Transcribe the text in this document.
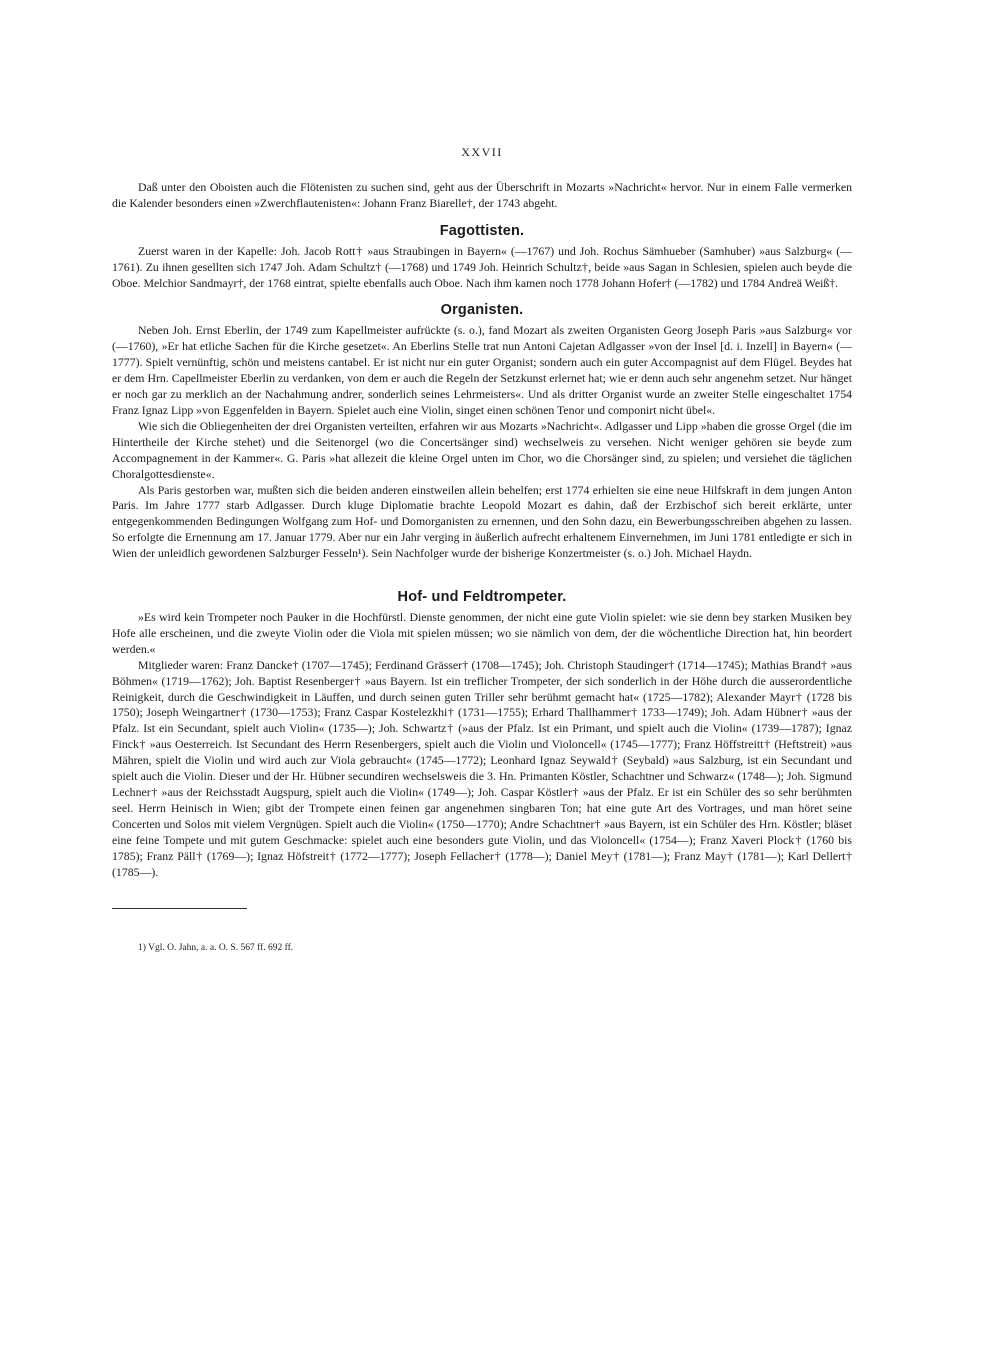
XXVII

Daß unter den Oboisten auch die Flötenisten zu suchen sind, geht aus der Überschrift in Mozarts »Nachricht« hervor. Nur in einem Falle vermerken die Kalender besonders einen »Zwerchflautenisten«: Johann Franz Biarelle†, der 1743 abgeht.

Fagottisten.

Zuerst waren in der Kapelle: Joh. Jacob Rott† »aus Straubingen in Bayern« (—1767) und Joh. Rochus Sämhueber (Samhuber) »aus Salzburg« (—1761). Zu ihnen gesellten sich 1747 Joh. Adam Schultz† (—1768) und 1749 Joh. Heinrich Schultz†, beide »aus Sagan in Schlesien, spielen auch beyde die Oboe. Melchior Sandmayr†, der 1768 eintrat, spielte ebenfalls auch Oboe. Nach ihm kamen noch 1778 Johann Hofer† (—1782) und 1784 Andreä Weiß†.

Organisten.

Neben Joh. Ernst Eberlin, der 1749 zum Kapellmeister aufrückte (s. o.), fand Mozart als zweiten Organisten Georg Joseph Paris »aus Salzburg« vor (—1760), »Er hat etliche Sachen für die Kirche gesetzet«. An Eberlins Stelle trat nun Antoni Cajetan Adlgasser »von der Insel [d. i. Inzell] in Bayern« (—1777). Spielt vernünftig, schön und meistens cantabel. Er ist nicht nur ein guter Organist; sondern auch ein guter Accompagnist auf dem Flügel. Beydes hat er dem Hrn. Capellmeister Eberlin zu verdanken, von dem er auch die Regeln der Setzkunst erlernet hat; wie er denn auch sehr angenehm setzet. Nur hänget er noch gar zu merklich an der Nachahmung andrer, sonderlich seines Lehrmeisters«. Und als dritter Organist wurde an zweiter Stelle eingeschaltet 1754 Franz Ignaz Lipp »von Eggenfelden in Bayern. Spielet auch eine Violin, singet einen schönen Tenor und componirt nicht übel«.

Wie sich die Obliegenheiten der drei Organisten verteilten, erfahren wir aus Mozarts »Nachricht«. Adlgasser und Lipp »haben die grosse Orgel (die im Hintertheile der Kirche stehet) und die Seitenorgel (wo die Concertsänger sind) wechselweis zu versehen. Nicht weniger gehören sie beyde zum Accompagnement in der Kammer«. G. Paris »hat allezeit die kleine Orgel unten im Chor, wo die Chorsänger sind, zu spielen; und versiehet die täglichen Choralgottesdienste«.

Als Paris gestorben war, mußten sich die beiden anderen einstweilen allein behelfen; erst 1774 erhielten sie eine neue Hilfskraft in dem jungen Anton Paris. Im Jahre 1777 starb Adlgasser. Durch kluge Diplomatie brachte Leopold Mozart es dahin, daß der Erzbischof sich bereit erklärte, unter entgegenkommenden Bedingungen Wolfgang zum Hof- und Domorganisten zu ernennen, und den Sohn dazu, ein Bewerbungsschreiben abgehen zu lassen. So erfolgte die Ernennung am 17. Januar 1779. Aber nur ein Jahr verging in äußerlich aufrecht erhaltenem Einvernehmen, im Juni 1781 entledigte er sich in Wien der unleidlich gewordenen Salzburger Fesseln¹). Sein Nachfolger wurde der bisherige Konzertmeister (s. o.) Joh. Michael Haydn.

Hof- und Feldtrompeter.

»Es wird kein Trompeter noch Pauker in die Hochfürstl. Dienste genommen, der nicht eine gute Violin spielet: wie sie denn bey starken Musiken bey Hofe alle erscheinen, und die zweyte Violin oder die Viola mit spielen müssen; wo sie nämlich von dem, der die wöchentliche Direction hat, hin beordert werden.«

Mitglieder waren: Franz Dancke† (1707—1745); Ferdinand Grässer† (1708—1745); Joh. Christoph Staudinger† (1714—1745); Mathias Brand† »aus Böhmen« (1719—1762); Joh. Baptist Resenberger† »aus Bayern. Ist ein treflicher Trompeter, der sich sonderlich in der Höhe durch die ausserordentliche Reinigkeit, durch die Geschwindigkeit in Läuffen, und durch seinen guten Triller sehr berühmt gemacht hat« (1725—1782); Alexander Mayr† (1728 bis 1750); Joseph Weingartner† (1730—1753); Franz Caspar Kostelezkhi† (1731—1755); Erhard Thallhammer† 1733—1749); Joh. Adam Hübner† »aus der Pfalz. Ist ein Secundant, spielt auch Violin« (1735—); Joh. Schwartz† (»aus der Pfalz. Ist ein Primant, und spielt auch die Violin« (1739—1787); Ignaz Finck† »aus Oesterreich. Ist Secundant des Herrn Resenbergers, spielt auch die Violin und Violoncell« (1745—1777); Franz Höffstreitt† (Heftstreit) »aus Mähren, spielt die Violin und wird auch zur Viola gebraucht« (1745—1772); Leonhard Ignaz Seywald† (Seybald) »aus Salzburg, ist ein Secundant und spielt auch die Violin. Dieser und der Hr. Hübner secundiren wechselsweis die 3. Hn. Primanten Köstler, Schachtner und Schwarz« (1748—); Joh. Sigmund Lechner† »aus der Reichsstadt Augspurg, spielt auch die Violin« (1749—); Joh. Caspar Köstler† »aus der Pfalz. Er ist ein Schüler des so sehr berühmten seel. Herrn Heinisch in Wien; gibt der Trompete einen feinen gar angenehmen singbaren Ton; hat eine gute Art des Vortrages, und man höret seine Concerten und Solos mit vielem Vergnügen. Spielt auch die Violin« (1750—1770); Andre Schachtner† »aus Bayern, ist ein Schüler des Hrn. Köstler; bläset eine feine Tompete und mit gutem Geschmacke: spielet auch eine besonders gute Violin, und das Violoncell« (1754—); Franz Xaveri Plock† (1760 bis 1785); Franz Päll† (1769—); Ignaz Höfstreit† (1772—1777); Joseph Fellacher† (1778—); Daniel Mey† (1781—); Franz May† (1781—); Karl Dellert† (1785—).

1) Vgl. O. Jahn, a. a. O. S. 567 ff. 692 ff.
